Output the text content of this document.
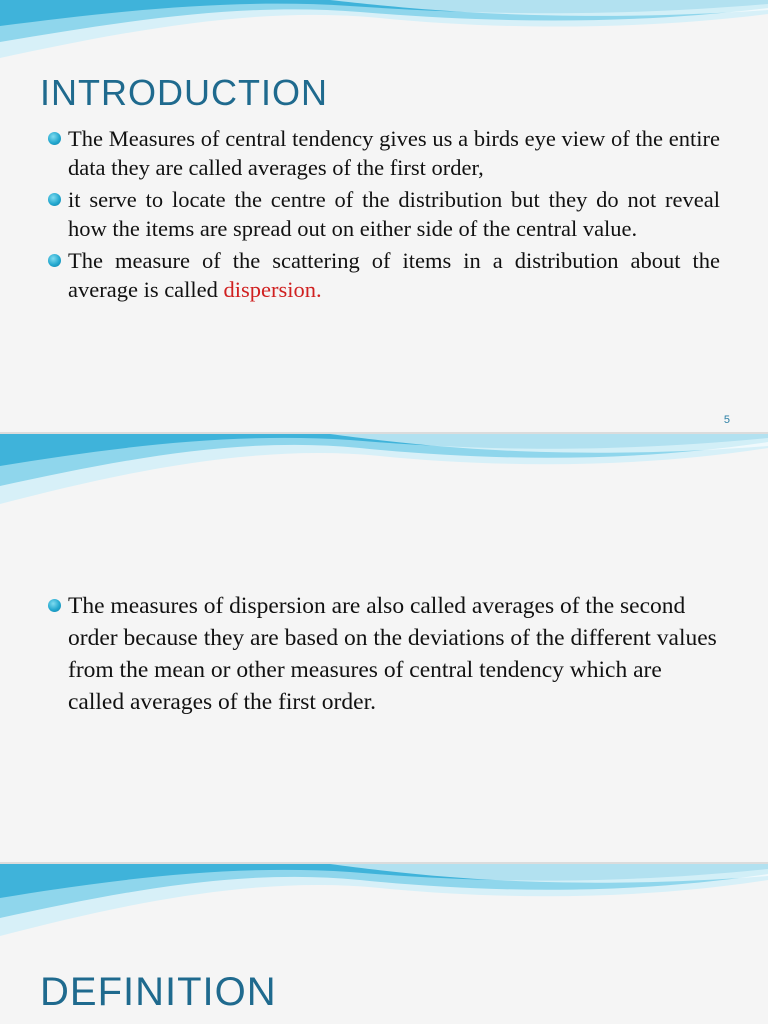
INTRODUCTION
The Measures of central tendency gives us a birds eye view of the entire data they are called averages of the first order,
it serve to locate the centre of the distribution but they do not reveal how the items are spread out on either side of the central value.
The measure of the scattering of items in a distribution about the average is called dispersion.
5
The measures of dispersion are also called averages of the second order because they are based on the deviations of the different values from the mean or other measures of central tendency which are called averages of the first order.
DEFINITION
